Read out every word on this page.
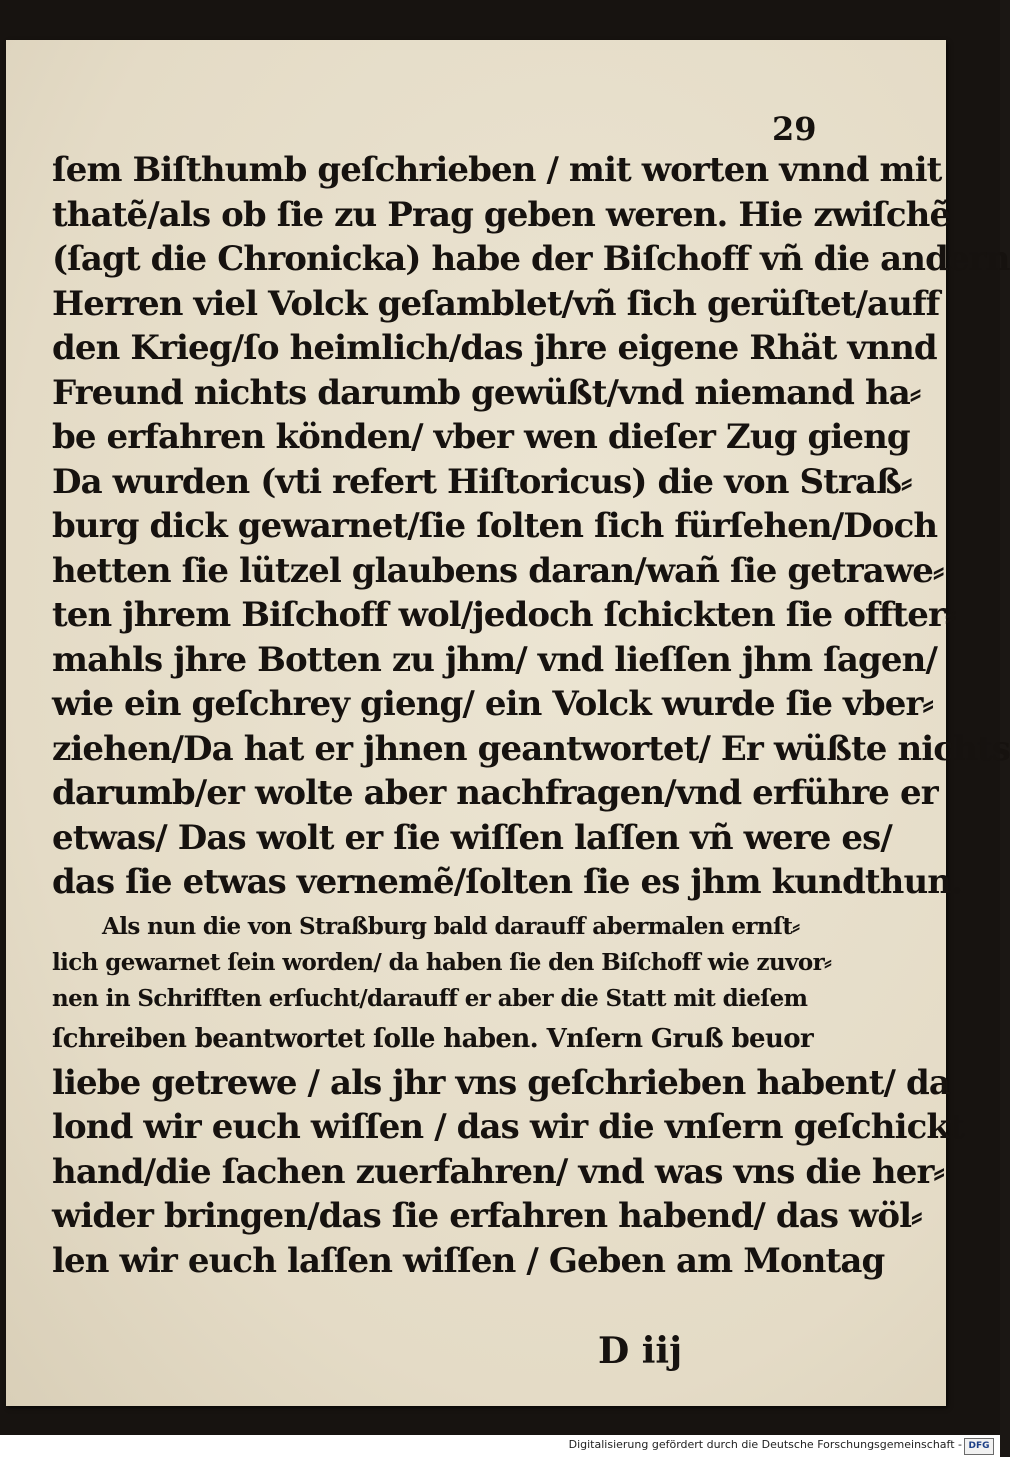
29
ſem Biſthumb geſchrieben / mit worten vnnd mit
thatẽ/als ob ſie zu Prag geben weren. Hie zwiſchẽ
(ſagt die Chronicka) habe der Biſchoff vñ die andern
Herren viel Volck geſamblet/vñ ſich gerüſtet/auff
den Krieg/ſo heimlich/das jhre eigene Rhät vnnd
Freund nichts darumb gewüßt/vnd niemand ha⸗
be erfahren könden/ vber wen dieſer Zug gieng
Da wurden (vti refert Hiſtoricus) die von Straß⸗
burg dick gewarnet/ſie ſolten ſich fürſehen/Doch
hetten ſie lützel glaubens daran/wañ ſie getrawe⸗
ten jhrem Biſchoff wol/jedoch ſchickten ſie offter⸗
mahls jhre Botten zu jhm/ vnd lieſſen jhm ſagen/
wie ein geſchrey gieng/ ein Volck wurde ſie vber⸗
ziehen/Da hat er jhnen geantwortet/ Er wüßte nichts
darumb/er wolte aber nachfragen/vnd erführe er
etwas/ Das wolt er ſie wiſſen laſſen vñ were es/
das ſie etwas vernemẽ/ſolten ſie es jhm kundthun.
Als nun die von Straßburg bald darauff abermalen ernſt⸗
lich gewarnet ſein worden/ da haben ſie den Biſchoff wie zuvor⸗
nen in Schrifften erſucht/darauff er aber die Statt mit dieſem
ſchreiben beantwortet ſolle haben. Vnſern Gruß beuor
liebe getrewe / als jhr vns geſchrieben habent/ da
lond wir euch wiſſen / das wir die vnſern geſchickt
hand/die ſachen zuerfahren/ vnd was vns die her⸗
wider bringen/das ſie erfahren habend/ das wöl⸗
len wir euch laſſen wiſſen / Geben am Montag
D iij
Digitalisierung gefördert durch die Deutsche Forschungsgemeinschaft - DFG
